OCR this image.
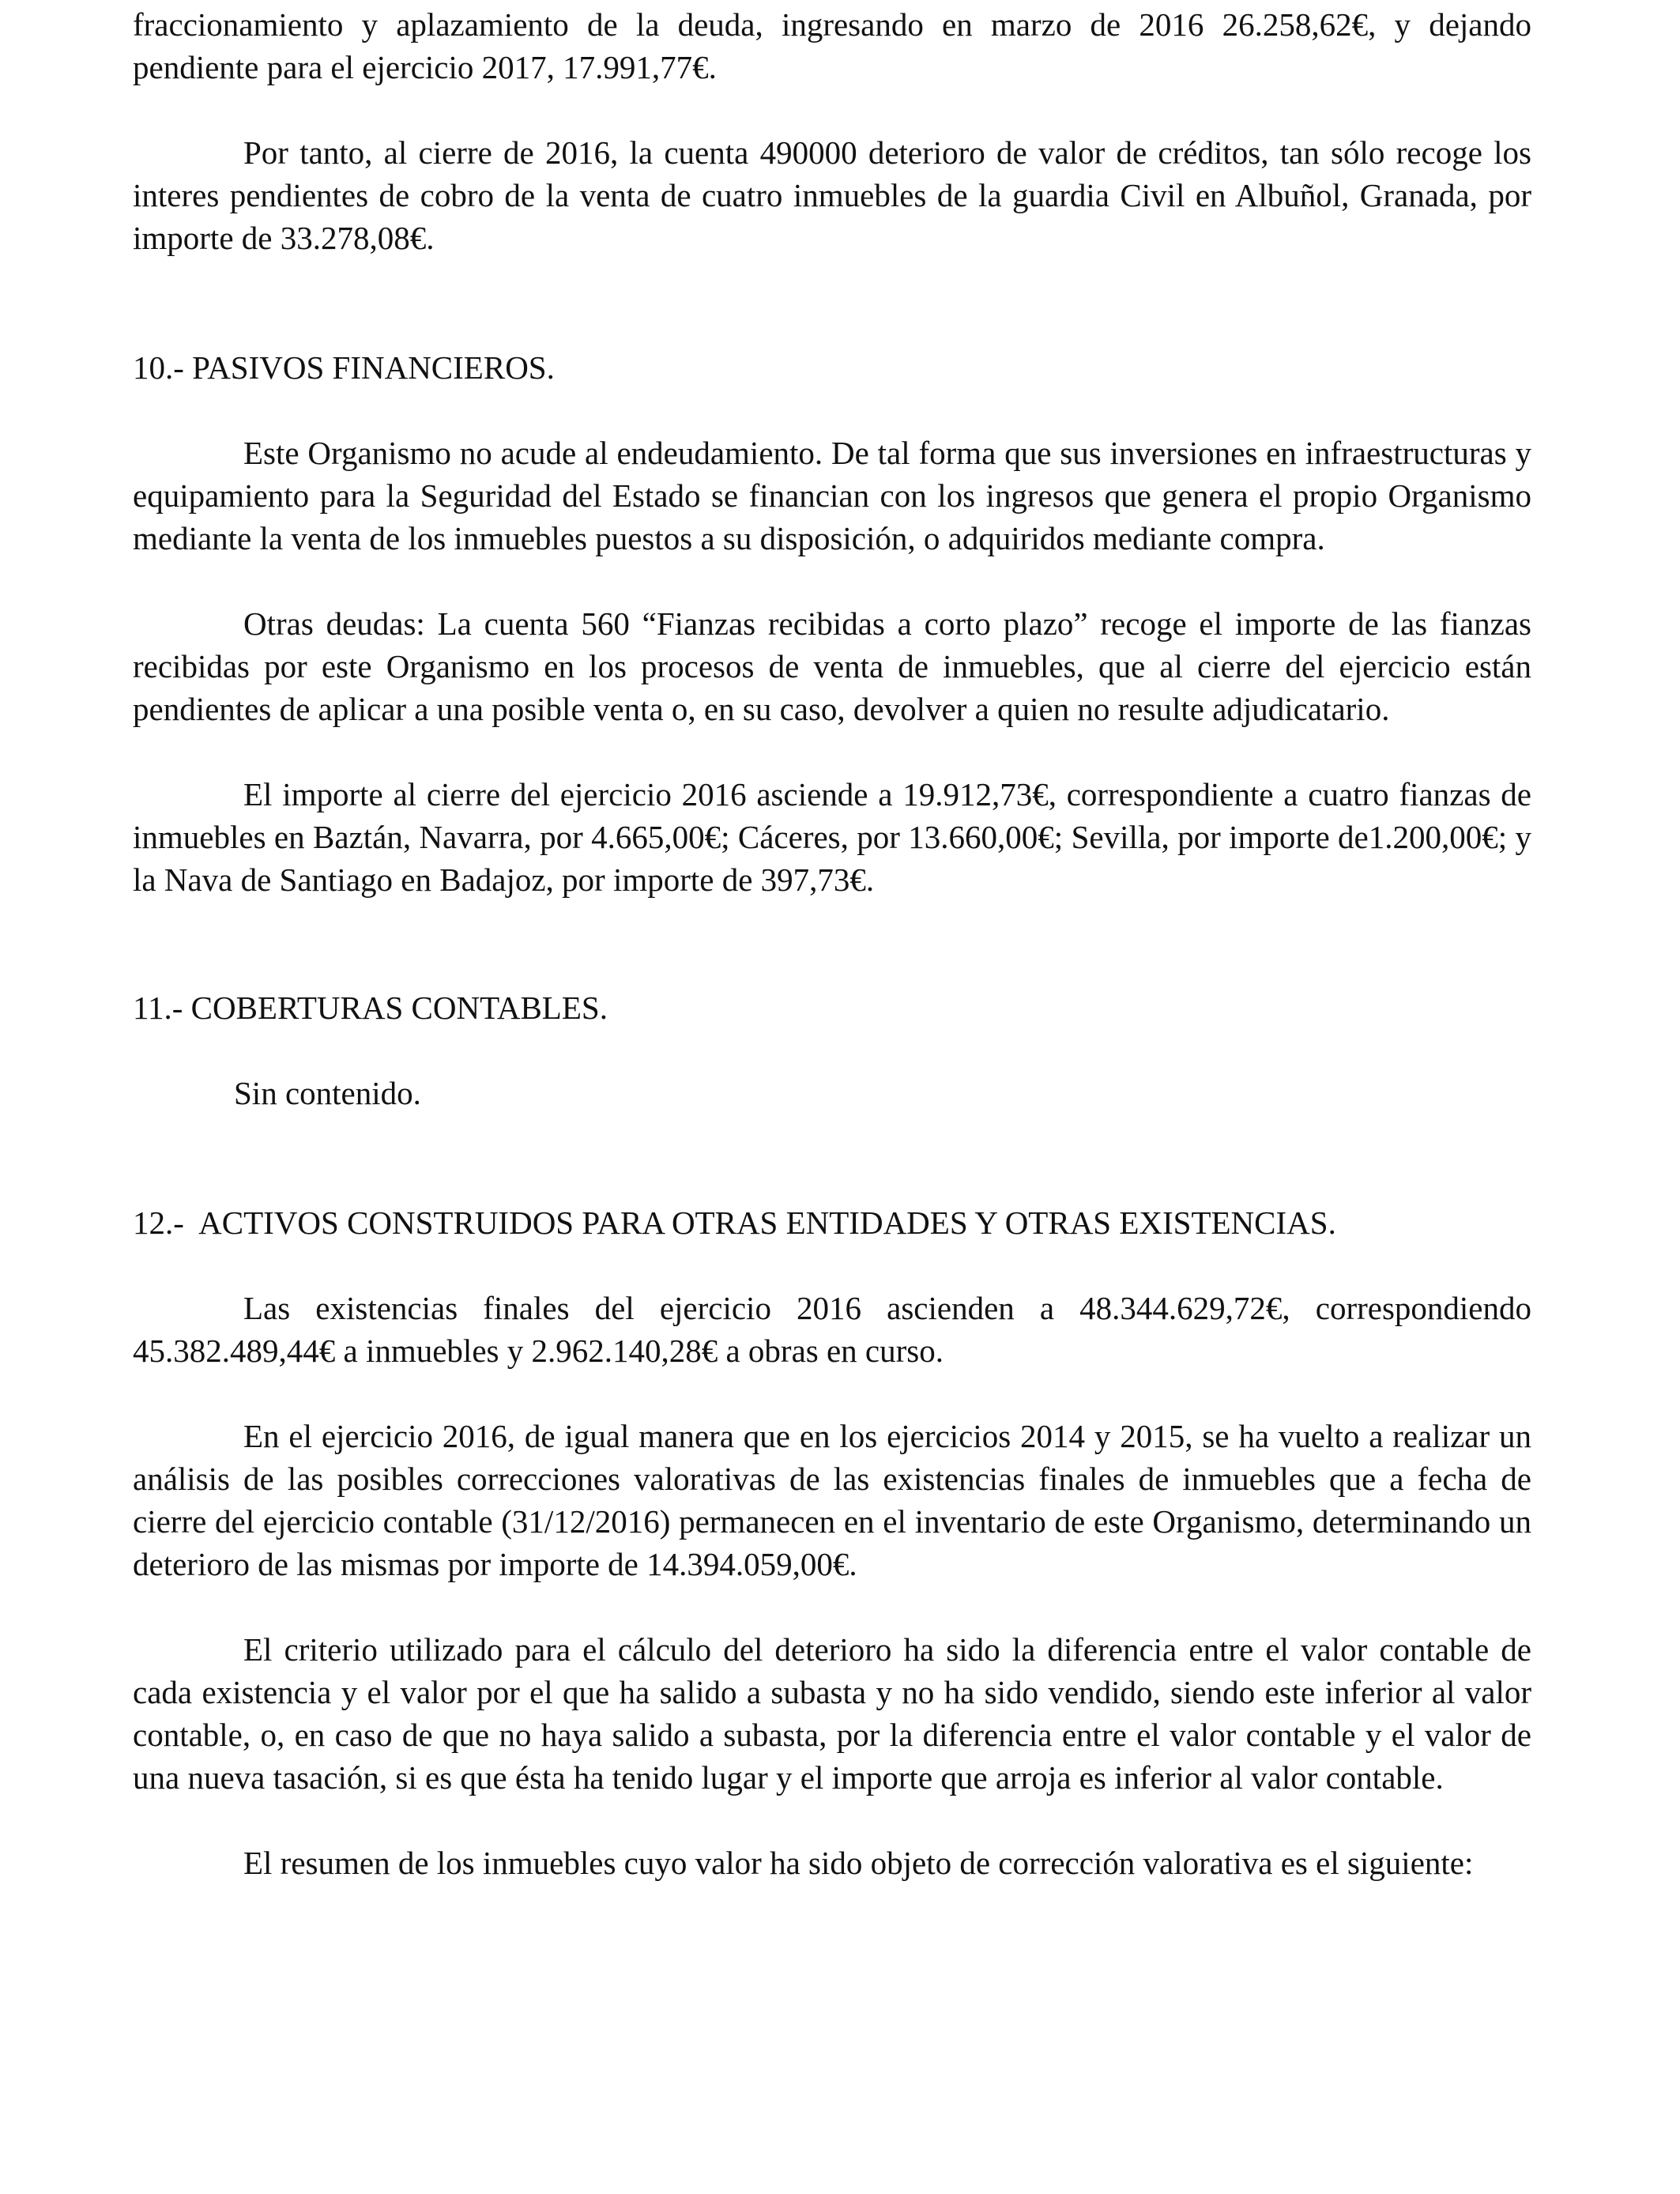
fraccionamiento y aplazamiento de la deuda, ingresando en marzo de 2016 26.258,62€, y dejando pendiente para el ejercicio 2017, 17.991,77€.

Por tanto, al cierre de 2016, la cuenta 490000 deterioro de valor de créditos, tan sólo recoge los interes pendientes de cobro de la venta de cuatro inmuebles de la guardia Civil en Albuñol, Granada, por importe de 33.278,08€.

10.- PASIVOS FINANCIEROS.

Este Organismo no acude al endeudamiento. De tal forma que sus inversiones en infraestructuras y equipamiento para la Seguridad del Estado se financian con los ingresos que genera el propio Organismo mediante la venta de los inmuebles puestos a su disposición, o adquiridos mediante compra.

Otras deudas: La cuenta 560 “Fianzas recibidas a corto plazo” recoge el importe de las fianzas recibidas por este Organismo en los procesos de venta de inmuebles, que al cierre del ejercicio están pendientes de aplicar a una posible venta o, en su caso, devolver a quien no resulte adjudicatario.

El importe al cierre del ejercicio 2016 asciende a 19.912,73€, correspondiente a cuatro fianzas de inmuebles en Baztán, Navarra, por 4.665,00€; Cáceres, por 13.660,00€; Sevilla, por importe de1.200,00€; y la Nava de Santiago en Badajoz, por importe de 397,73€.

11.- COBERTURAS CONTABLES.

Sin contenido.

12.-  ACTIVOS CONSTRUIDOS PARA OTRAS ENTIDADES Y OTRAS EXISTENCIAS.

Las existencias finales del ejercicio 2016 ascienden a 48.344.629,72€, correspondiendo 45.382.489,44€ a inmuebles y 2.962.140,28€ a obras en curso.

En el ejercicio 2016, de igual manera que en los ejercicios 2014 y 2015, se ha vuelto a realizar un análisis de las posibles correcciones valorativas de las existencias finales de inmuebles que a fecha de cierre del ejercicio contable (31/12/2016) permanecen en el inventario de este Organismo, determinando un deterioro de las mismas por importe de 14.394.059,00€.

El criterio utilizado para el cálculo del deterioro ha sido la diferencia entre el valor contable de cada existencia y el valor por el que ha salido a subasta y no ha sido vendido, siendo este inferior al valor contable, o, en caso de que no haya salido a subasta, por la diferencia entre el valor contable y el valor de una nueva tasación, si es que ésta ha tenido lugar y el importe que arroja es inferior al valor contable.

El resumen de los inmuebles cuyo valor ha sido objeto de corrección valorativa es el siguiente:
